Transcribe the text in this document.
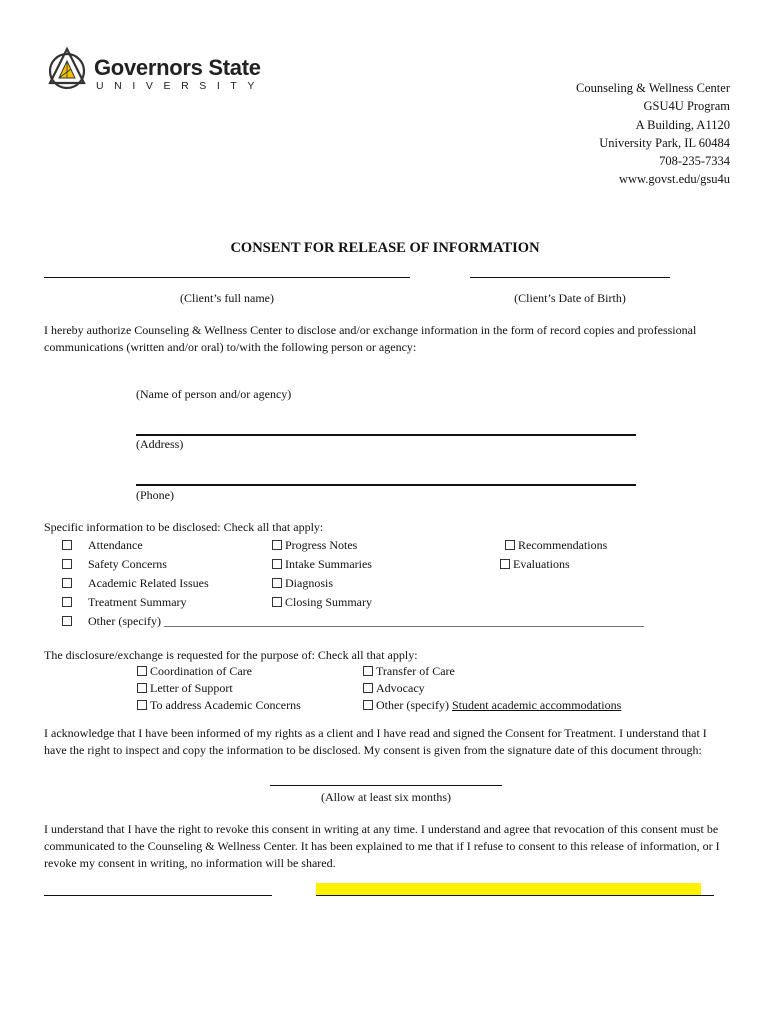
Governors State
UNIVERSITY	Counseling & Wellness Center
GSU4U Program
A Building, A1120
University Park, IL 60484
708-235-7334
www.govst.edu/gsu4u
CONSENT FOR RELEASE OF INFORMATION
(Client’s full name)	(Client’s Date of Birth)
I hereby authorize Counseling & Wellness Center to disclose and/or exchange information in the form of record copies and professional communications (written and/or oral) to/with the following person or agency:
(Name of person and/or agency)
(Address)
(Phone)
Specific information to be disclosed: Check all that apply:
Attendance
Safety Concerns
Academic Related Issues
Treatment Summary
Other (specify) ________________________________________________________________________________
Progress Notes
Intake Summaries
Diagnosis
Closing Summary
Recommendations
Evaluations
The disclosure/exchange is requested for the purpose of: Check all that apply:
Coordination of Care
Letter of Support
To address Academic Concerns
Transfer of Care
Advocacy
Other (specify) Student academic accommodations
I acknowledge that I have been informed of my rights as a client and I have read and signed the Consent for Treatment. I understand that I have the right to inspect and copy the information to be disclosed. My consent is given from the signature date of this document through:
(Allow at least six months)
I understand that I have the right to revoke this consent in writing at any time. I understand and agree that revocation of this consent must be communicated to the Counseling & Wellness Center. It has been explained to me that if I refuse to consent to this release of information, or I revoke my consent in writing, no information will be shared.
